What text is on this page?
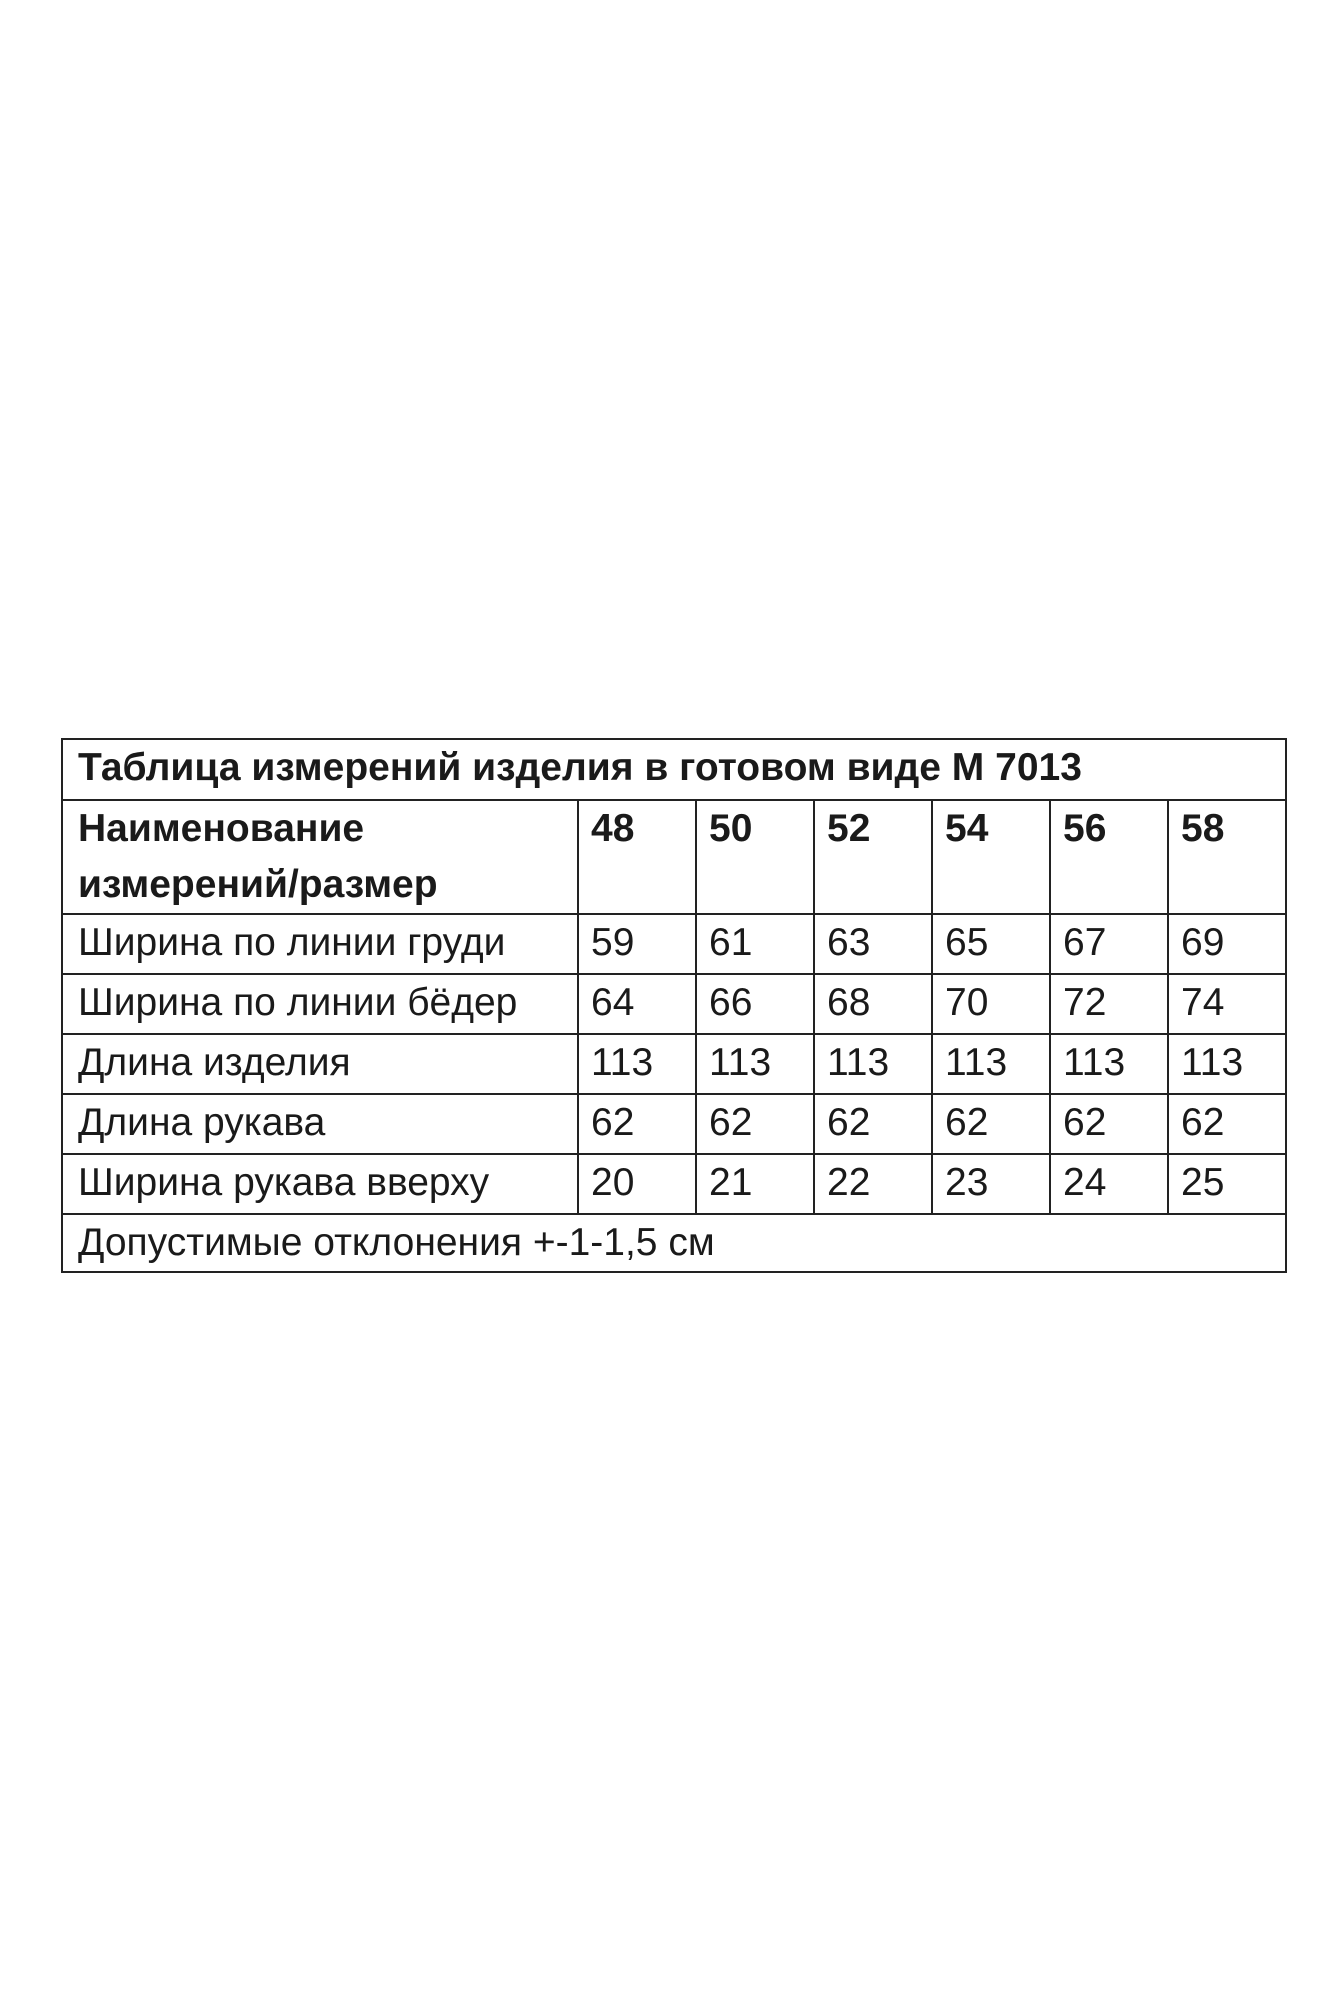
Таблица измерений изделия в готовом виде М 7013						

Наименование
измерений/размер	48	50	52	54	56	58
Ширина по линии груди	59	61	63	65	67	69
Ширина по линии бёдер	64	66	68	70	72	74
Длина изделия	113	113	113	113	113	113
Длина рукава	62	62	62	62	62	62
Ширина рукава вверху	20	21	22	23	24	25
Допустимые отклонения +-1-1,5 см						
